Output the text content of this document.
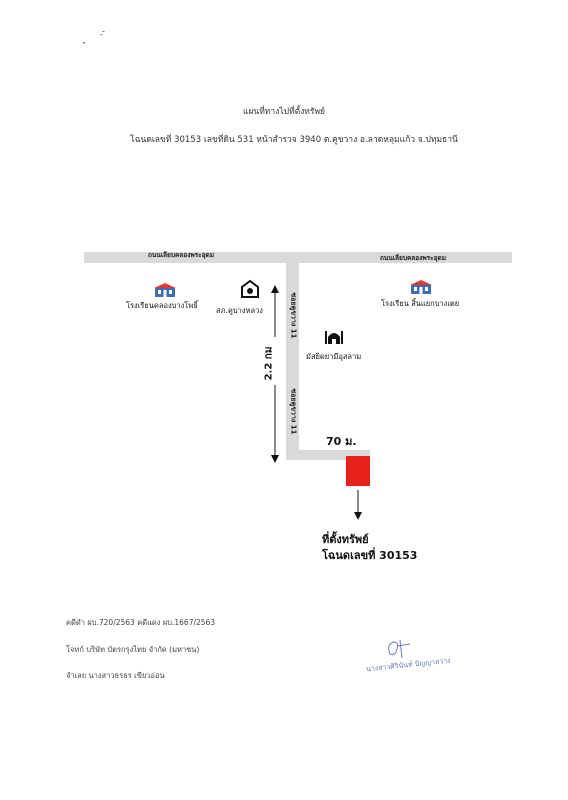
·
- ̄
แผนที่ทางไปที่ตั้งทรัพย์
โฉนดเลขที่ 30153 เลขที่ดิน 531 หน้าสำรวจ 3940 ต.คูขวาง อ.ลาดหลุมแก้ว จ.ปทุมธานี
ถนนเลียบคลองพระอุดม	ถนนเลียบคลองพระอุดม
ซอยคูขวาง 11
ซอยคูขวาง 11
2.2 กม
70 ม.
ที่ตั้งทรัพย์
โฉนดเลขที่ 30153
โรงเรียนคลองบางโพธิ์
สภ.คูบางหลวง
โรงเรียน สิ้นแยกบางเตย
มัสยิดยามีอุสลาม
คดีดำ ผบ.720/2563 คดีแดง ผบ.1667/2563
โจทก์ บริษัท บัตรกรุงไทย จำกัด (มหาชน)
จำเลย นางสาวธรธร เขียวอ่อน
นางสาวศิรินันท์ ปัญญาสว่าง
